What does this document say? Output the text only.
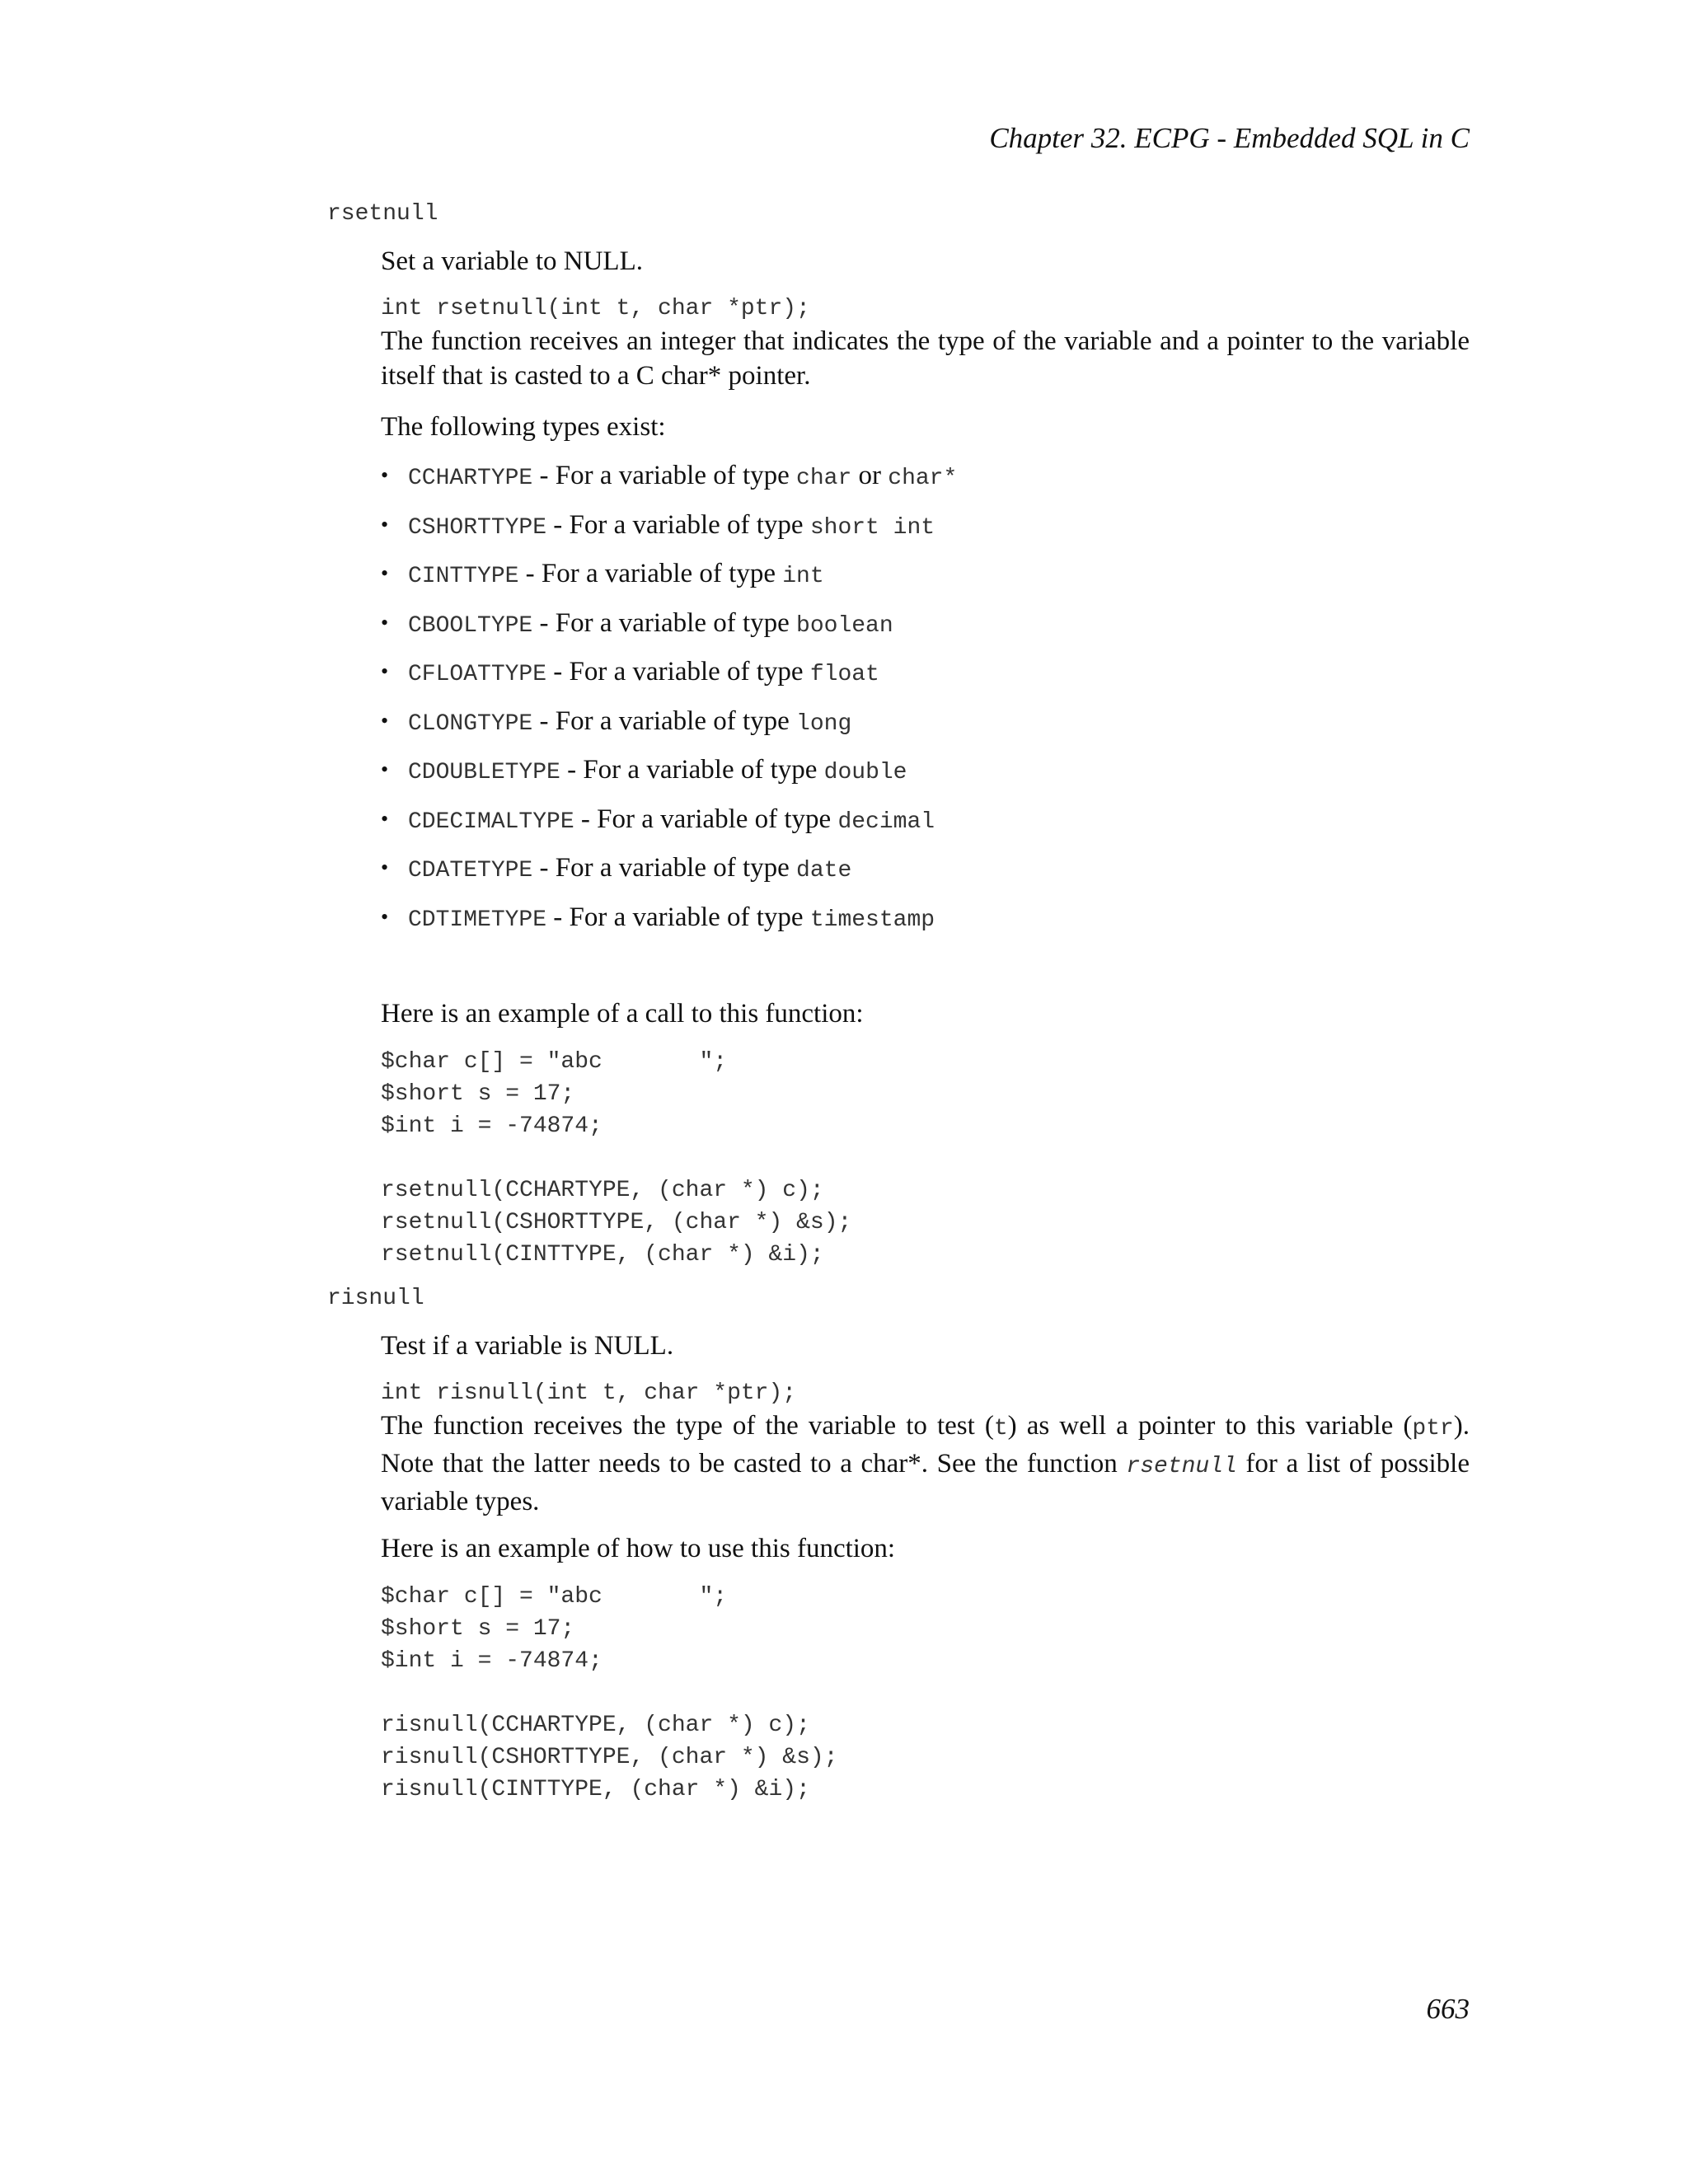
Chapter 32. ECPG - Embedded SQL in C
rsetnull

Set a variable to NULL.

int rsetnull(int t, char *ptr);

The function receives an integer that indicates the type of the variable and a pointer to the variable itself that is casted to a C char* pointer.

The following types exist:

• CCHARTYPE - For a variable of type char or char*
• CSHORTTYPE - For a variable of type short int
• CINTTYPE - For a variable of type int
• CBOOLTYPE - For a variable of type boolean
• CFLOATTYPE - For a variable of type float
• CLONGTYPE - For a variable of type long
• CDOUBLETYPE - For a variable of type double
• CDECIMALTYPE - For a variable of type decimal
• CDATETYPE - For a variable of type date
• CDTIMETYPE - For a variable of type timestamp

Here is an example of a call to this function:

$char c[] = "abc       ";
$short s = 17;
$int i = -74874;

rsetnull(CCHARTYPE, (char *) c);
rsetnull(CSHORTTYPE, (char *) &s);
rsetnull(CINTTYPE, (char *) &i);
risnull

Test if a variable is NULL.

int risnull(int t, char *ptr);

The function receives the type of the variable to test (t) as well a pointer to this variable (ptr). Note that the latter needs to be casted to a char*. See the function rsetnull for a list of possible variable types.

Here is an example of how to use this function:

$char c[] = "abc       ";
$short s = 17;
$int i = -74874;

risnull(CCHARTYPE, (char *) c);
risnull(CSHORTTYPE, (char *) &s);
risnull(CINTTYPE, (char *) &i);
663
